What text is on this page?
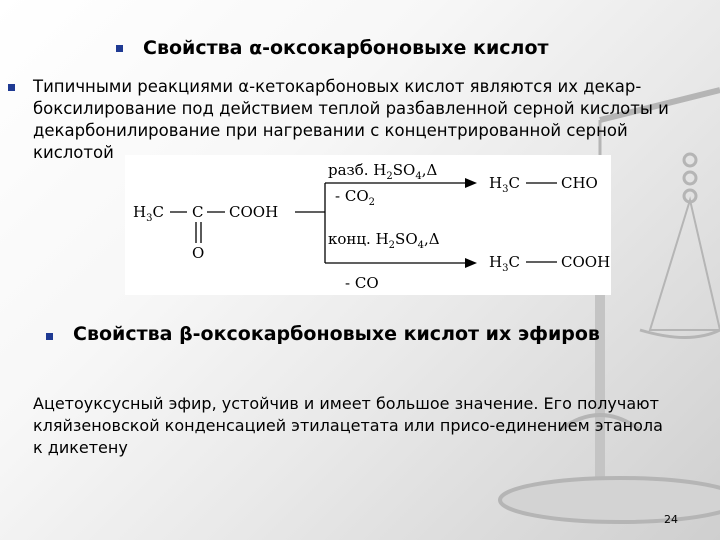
Свойства α-оксокарбоновыхе кислот
Типичными реакциями α-кетокарбоновых кислот являются их декар-
боксилирование под действием теплой разбавленной серной кислоты и
декарбонилирование при нагревании с концентрированной серной
кислотой
$H_3C$ C COOH
O
разб. $H_2SO_4,\Delta$
- $CO_2$
$H_3C$	CHO
конц. $H_2SO_4,\Delta$
- CO
$H_3C$	COOH
Свойства β-оксокарбоновыхе кислот их эфиров
Ацетоуксусный эфир, устойчив и имеет большое значение. Его получают
кляйзеновской конденсацией этилацетата или присо-единением этанола
к дикетену
24
